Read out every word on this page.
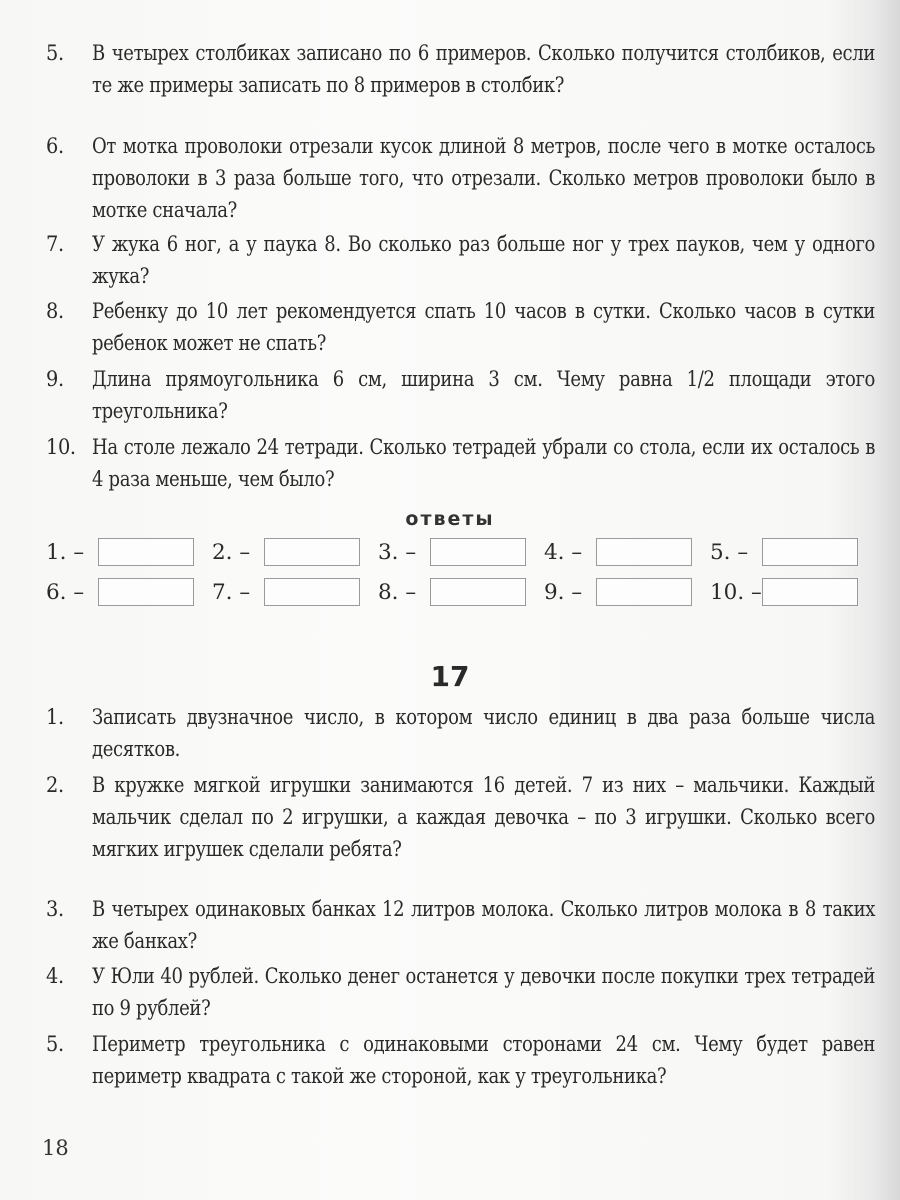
5.	В четырех столбиках записано по 6 примеров. Сколько получится столбиков, если те же примеры записать по 8 примеров в столбик?
6.	От мотка проволоки отрезали кусок длиной 8 метров, после чего в мотке осталось проволоки в 3 раза больше того, что отрезали. Сколько метров проволоки было в мотке сначала?
7.	У жука 6 ног, а у паука 8. Во сколько раз больше ног у трех пауков, чем у одного жука?
8.	Ребенку до 10 лет рекомендуется спать 10 часов в сутки. Сколько часов в сутки ребенок может не спать?
9.	Длина прямоугольника 6 см, ширина 3 см. Чему равна 1/2 площади этого треугольника?
10. На столе лежало 24 тетради. Сколько тетрадей убрали со стола, если их осталось в 4 раза меньше, чем было?
ответы
1. –	2. –	3. –	4. –	5. –
6. –	7. –	8. –	9. –	10. –
17
1.	Записать двузначное число, в котором число единиц в два раза больше числа десятков.
2.	В кружке мягкой игрушки занимаются 16 детей. 7 из них – мальчики. Каждый мальчик сделал по 2 игрушки, а каждая девочка – по 3 игрушки. Сколько всего мягких игрушек сделали ребята?
3.	В четырех одинаковых банках 12 литров молока. Сколько литров молока в 8 таких же банках?
4.	У Юли 40 рублей. Сколько денег останется у девочки после покупки трех тетрадей по 9 рублей?
5.	Периметр треугольника с одинаковыми сторонами 24 см. Чему будет равен периметр квадрата с такой же стороной, как у треугольника?
18
